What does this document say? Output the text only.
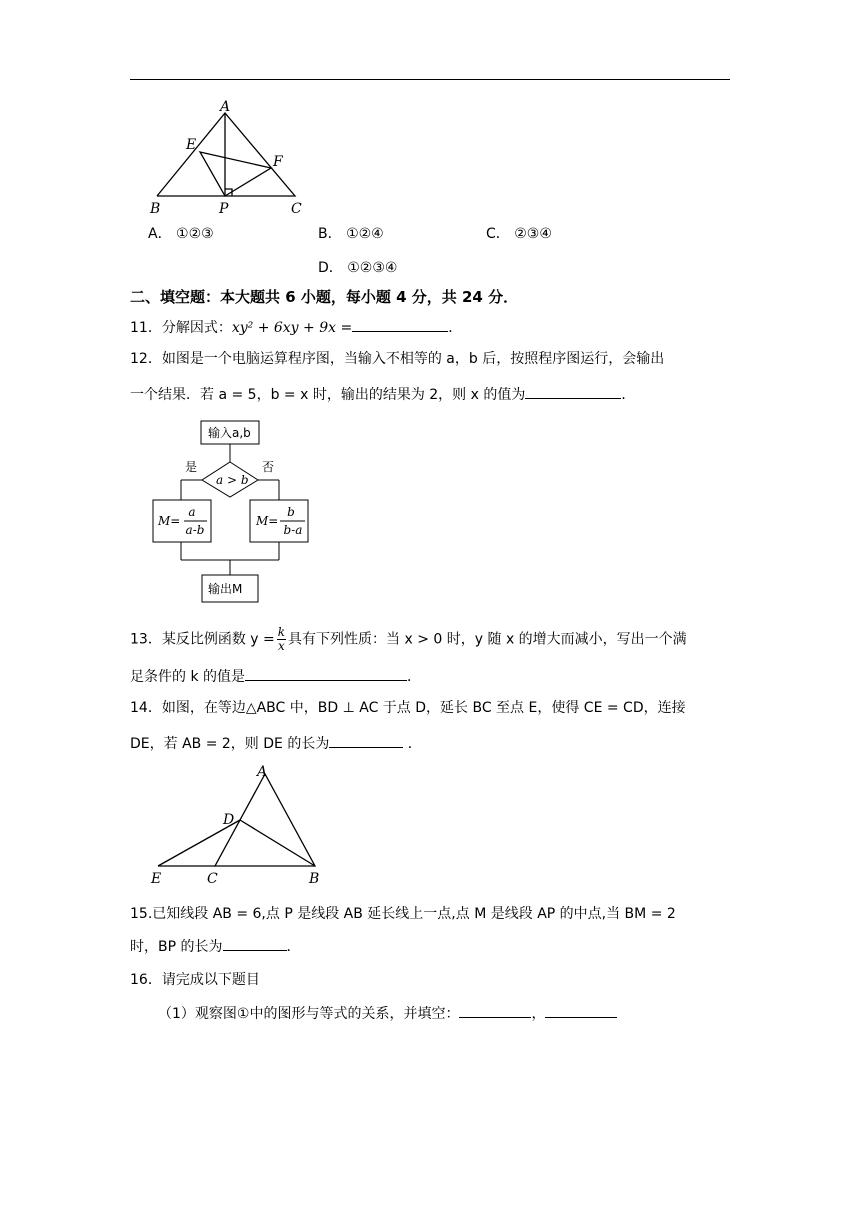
A
E
F
B	P	C
A． ①②③	B． ①②④	C． ②③④
D． ①②③④
二、填空题：本大题共 6 小题，每小题 4 分，共 24 分．
11．分解因式：xy² + 6xy + 9x =	．
12．如图是一个电脑运算程序图，当输入不相等的 a，b 后，按照程序图运行，会输出
一个结果．若 a = 5，b = x 时，输出的结果为 2，则 x 的值为	．
输入a,b
是	否
a > b
M=
a
a-b
M=
b
b-a
输出M
13．某反比例函数 $y = \frac{k}{x}$ 具有下列性质：当 x > 0 时，y 随 x 的增大而减小，写出一个满
足条件的 k 的值是	．
14．如图，在等边△ABC 中，BD ⊥ AC 于点 D，延长 BC 至点 E，使得 CE = CD，连接
DE，若 AB = 2，则 DE 的长为	．
A
D
E	C	B
15.已知线段 AB = 6,点 P 是线段 AB 延长线上一点,点 M 是线段 AP 的中点,当 BM = 2
时，BP 的长为	．
16．请完成以下题目
（1）观察图①中的图形与等式的关系，并填空：	，
